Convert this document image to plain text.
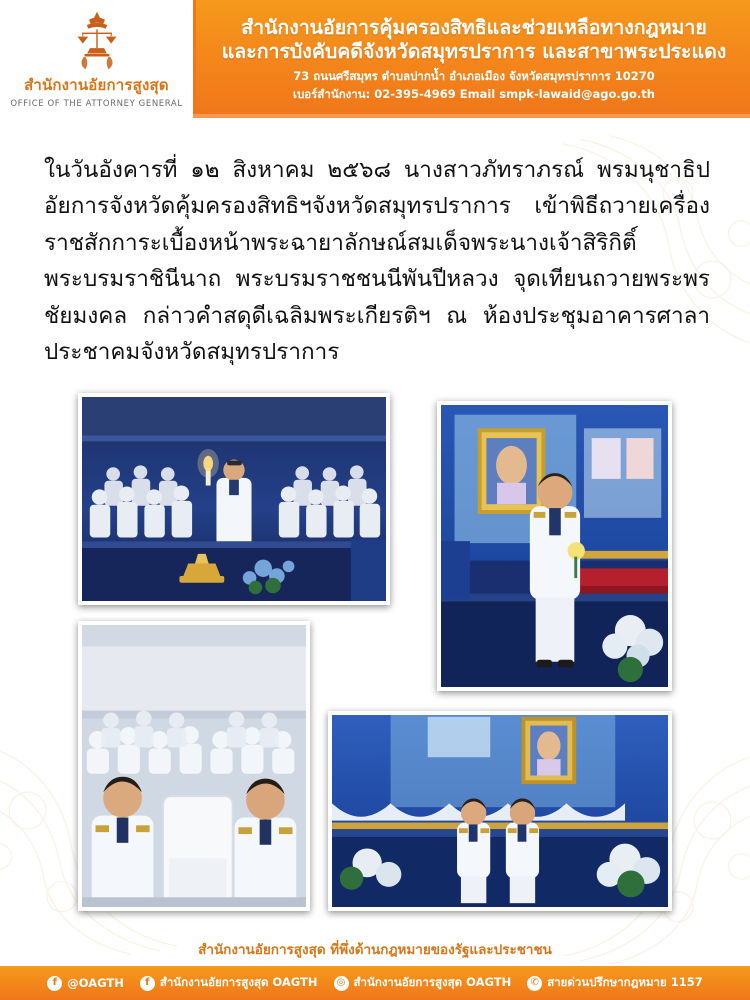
สำนักงานอัยการสูงสุด
OFFICE OF THE ATTORNEY GENERAL
สำนักงานอัยการคุ้มครองสิทธิและช่วยเหลือทางกฎหมาย
และการบังคับคดีจังหวัดสมุทรปราการ และสาขาพระประแดง
73 ถนนศรีสมุทร ตำบลปากน้ำ อำเภอเมือง จังหวัดสมุทรปราการ 10270
เบอร์สำนักงาน: 02-395-4969 Email smpk-lawaid@ago.go.th
ในวันอังคารที่ ๑๒ สิงหาคม ๒๕๖๘ นางสาวภัทราภรณ์ พรมนุชาธิป อัยการจังหวัดคุ้มครองสิทธิฯจังหวัดสมุทรปราการ เข้าพิธีถวายเครื่องราชสักการะเบื้องหน้าพระฉายาลักษณ์สมเด็จพระนางเจ้าสิริกิติ์ พระบรมราชินีนาถ พระบรมราชชนนีพันปีหลวง จุดเทียนถวายพระพรชัยมงคล กล่าวคำสดุดีเฉลิมพระเกียรติฯ ณ ห้องประชุมอาคารศาลาประชาคมจังหวัดสมุทรปราการ
สำนักงานอัยการสูงสุด ที่พึ่งด้านกฎหมายของรัฐและประชาชน
f @OAGTH	f สำนักงานอัยการสูงสุด OAGTH	◎ สำนักงานอัยการสูงสุด OAGTH	✆ สายด่วนปรึกษากฎหมาย 1157
